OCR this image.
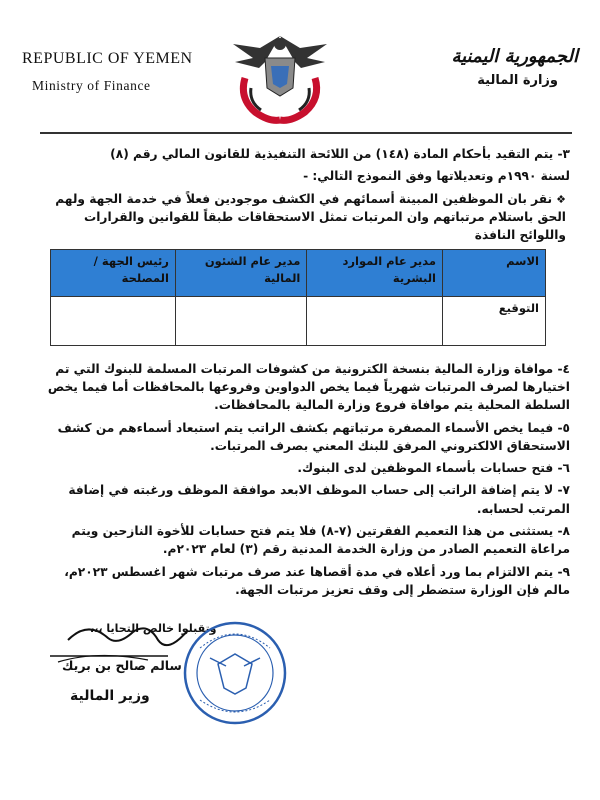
REPUBLIC OF YEMEN
Ministry of Finance
الجمهورية اليمنية
وزارة المالية

٣- يتم التقيد بأحكام المادة (١٤٨) من اللائحة التنفيذية للقانون المالي رقم (٨)

لسنة ١٩٩٠م وتعديلاتها وفق النموذج التالي: -

❖نقر بان الموظفين المبينة أسمائهم في الكشف موجودين فعلاً في خدمة الجهة ولهم الحق باستلام مرتباتهم وان المرتبات تمثل الاستحقاقات طبقاً للقوانين والقرارات واللوائح النافذة

الاسم	مدير عام الموارد البشرية	مدير عام الشئون المالية	رئيس الجهة / المصلحة
التوقيع			

٤- موافاة وزارة المالية بنسخة الكترونية من كشوفات المرتبات المسلمة للبنوك التي تم اختيارها لصرف المرتبات شهرياً فيما يخص الدواوين وفروعها بالمحافظات أما فيما يخص السلطة المحلية يتم موافاة فروع وزارة المالية بالمحافظات.

٥- فيما يخص الأسماء المصفرة مرتباتهم بكشف الراتب يتم استبعاد أسماءهم من كشف الاستحقاق الالكتروني المرفق للبنك المعني بصرف المرتبات.

٦- فتح حسابات بأسماء الموظفين لدى البنوك.

٧- لا يتم إضافة الراتب إلى حساب الموظف الابعد موافقة الموظف ورغبته في إضافة المرتب لحسابه.

٨- يستثنى من هذا التعميم الفقرتين (٧-٨) فلا يتم فتح حسابات للأخوة النازحين ويتم مراعاة التعميم الصادر من وزارة الخدمة المدنية رقم (٣) لعام ٢٠٢٣م.

٩- يتم الالتزام بما ورد أعلاه في مدة أقصاها عند صرف مرتبات شهر اغسطس ٢٠٢٣م، مالم فإن الوزارة ستضطر إلى وقف تعزيز مرتبات الجهة.

وتقبلوا خالص التحايا ،،،
سالم صالح بن بريك
وزير المالية
